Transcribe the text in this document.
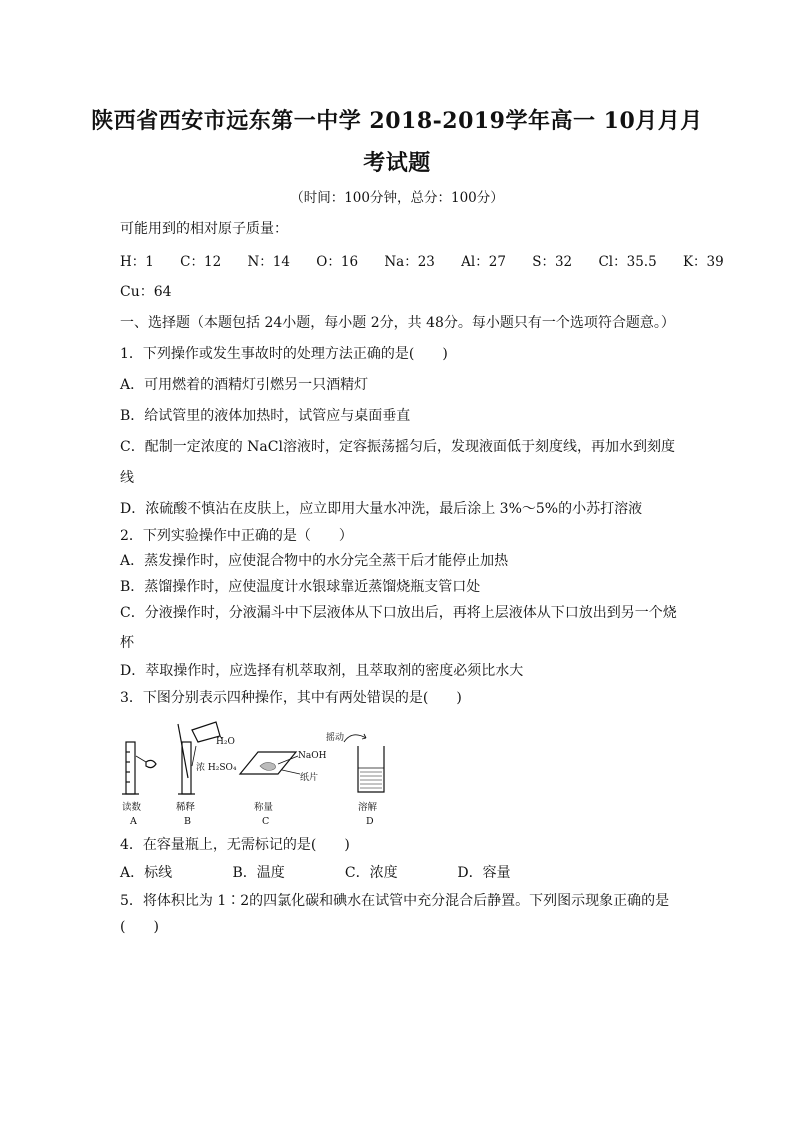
陕西省西安市远东第一中学 2018-2019学年高一 10月月月
考试题
（时间：100分钟，总分：100分）
可能用到的相对原子质量：
H：1 C：12 N：14 O：16 Na：23 Al：27 S：32 Cl：35.5 K：39
Cu：64
一、选择题（本题包括 24小题，每小题 2分，共 48分。每小题只有一个选项符合题意。）
1．下列操作或发生事故时的处理方法正确的是(　　)
A．可用燃着的酒精灯引燃另一只酒精灯
B．给试管里的液体加热时，试管应与桌面垂直
C．配制一定浓度的 NaCl溶液时，定容振荡摇匀后，发现液面低于刻度线，再加水到刻度
线
D．浓硫酸不慎沾在皮肤上，应立即用大量水冲洗，最后涂上 3%～5%的小苏打溶液
2．下列实验操作中正确的是（　　）
A．蒸发操作时，应使混合物中的水分完全蒸干后才能停止加热
B．蒸馏操作时，应使温度计水银球靠近蒸馏烧瓶支管口处
C．分液操作时，分液漏斗中下层液体从下口放出后，再将上层液体从下口放出到另一个烧
杯
D．萃取操作时，应选择有机萃取剂，且萃取剂的密度必须比水大
3．下图分别表示四种操作，其中有两处错误的是(　　)
H₂O
浓 H₂SO₄
NaOH
纸片
摇动
读数	稀释	称量	溶解
A	B	C	D
4．在容量瓶上，无需标记的是(　　)
A．标线	B．温度	C．浓度	D．容量
5．将体积比为 1∶2的四氯化碳和碘水在试管中充分混合后静置。下列图示现象正确的是
(　　)
